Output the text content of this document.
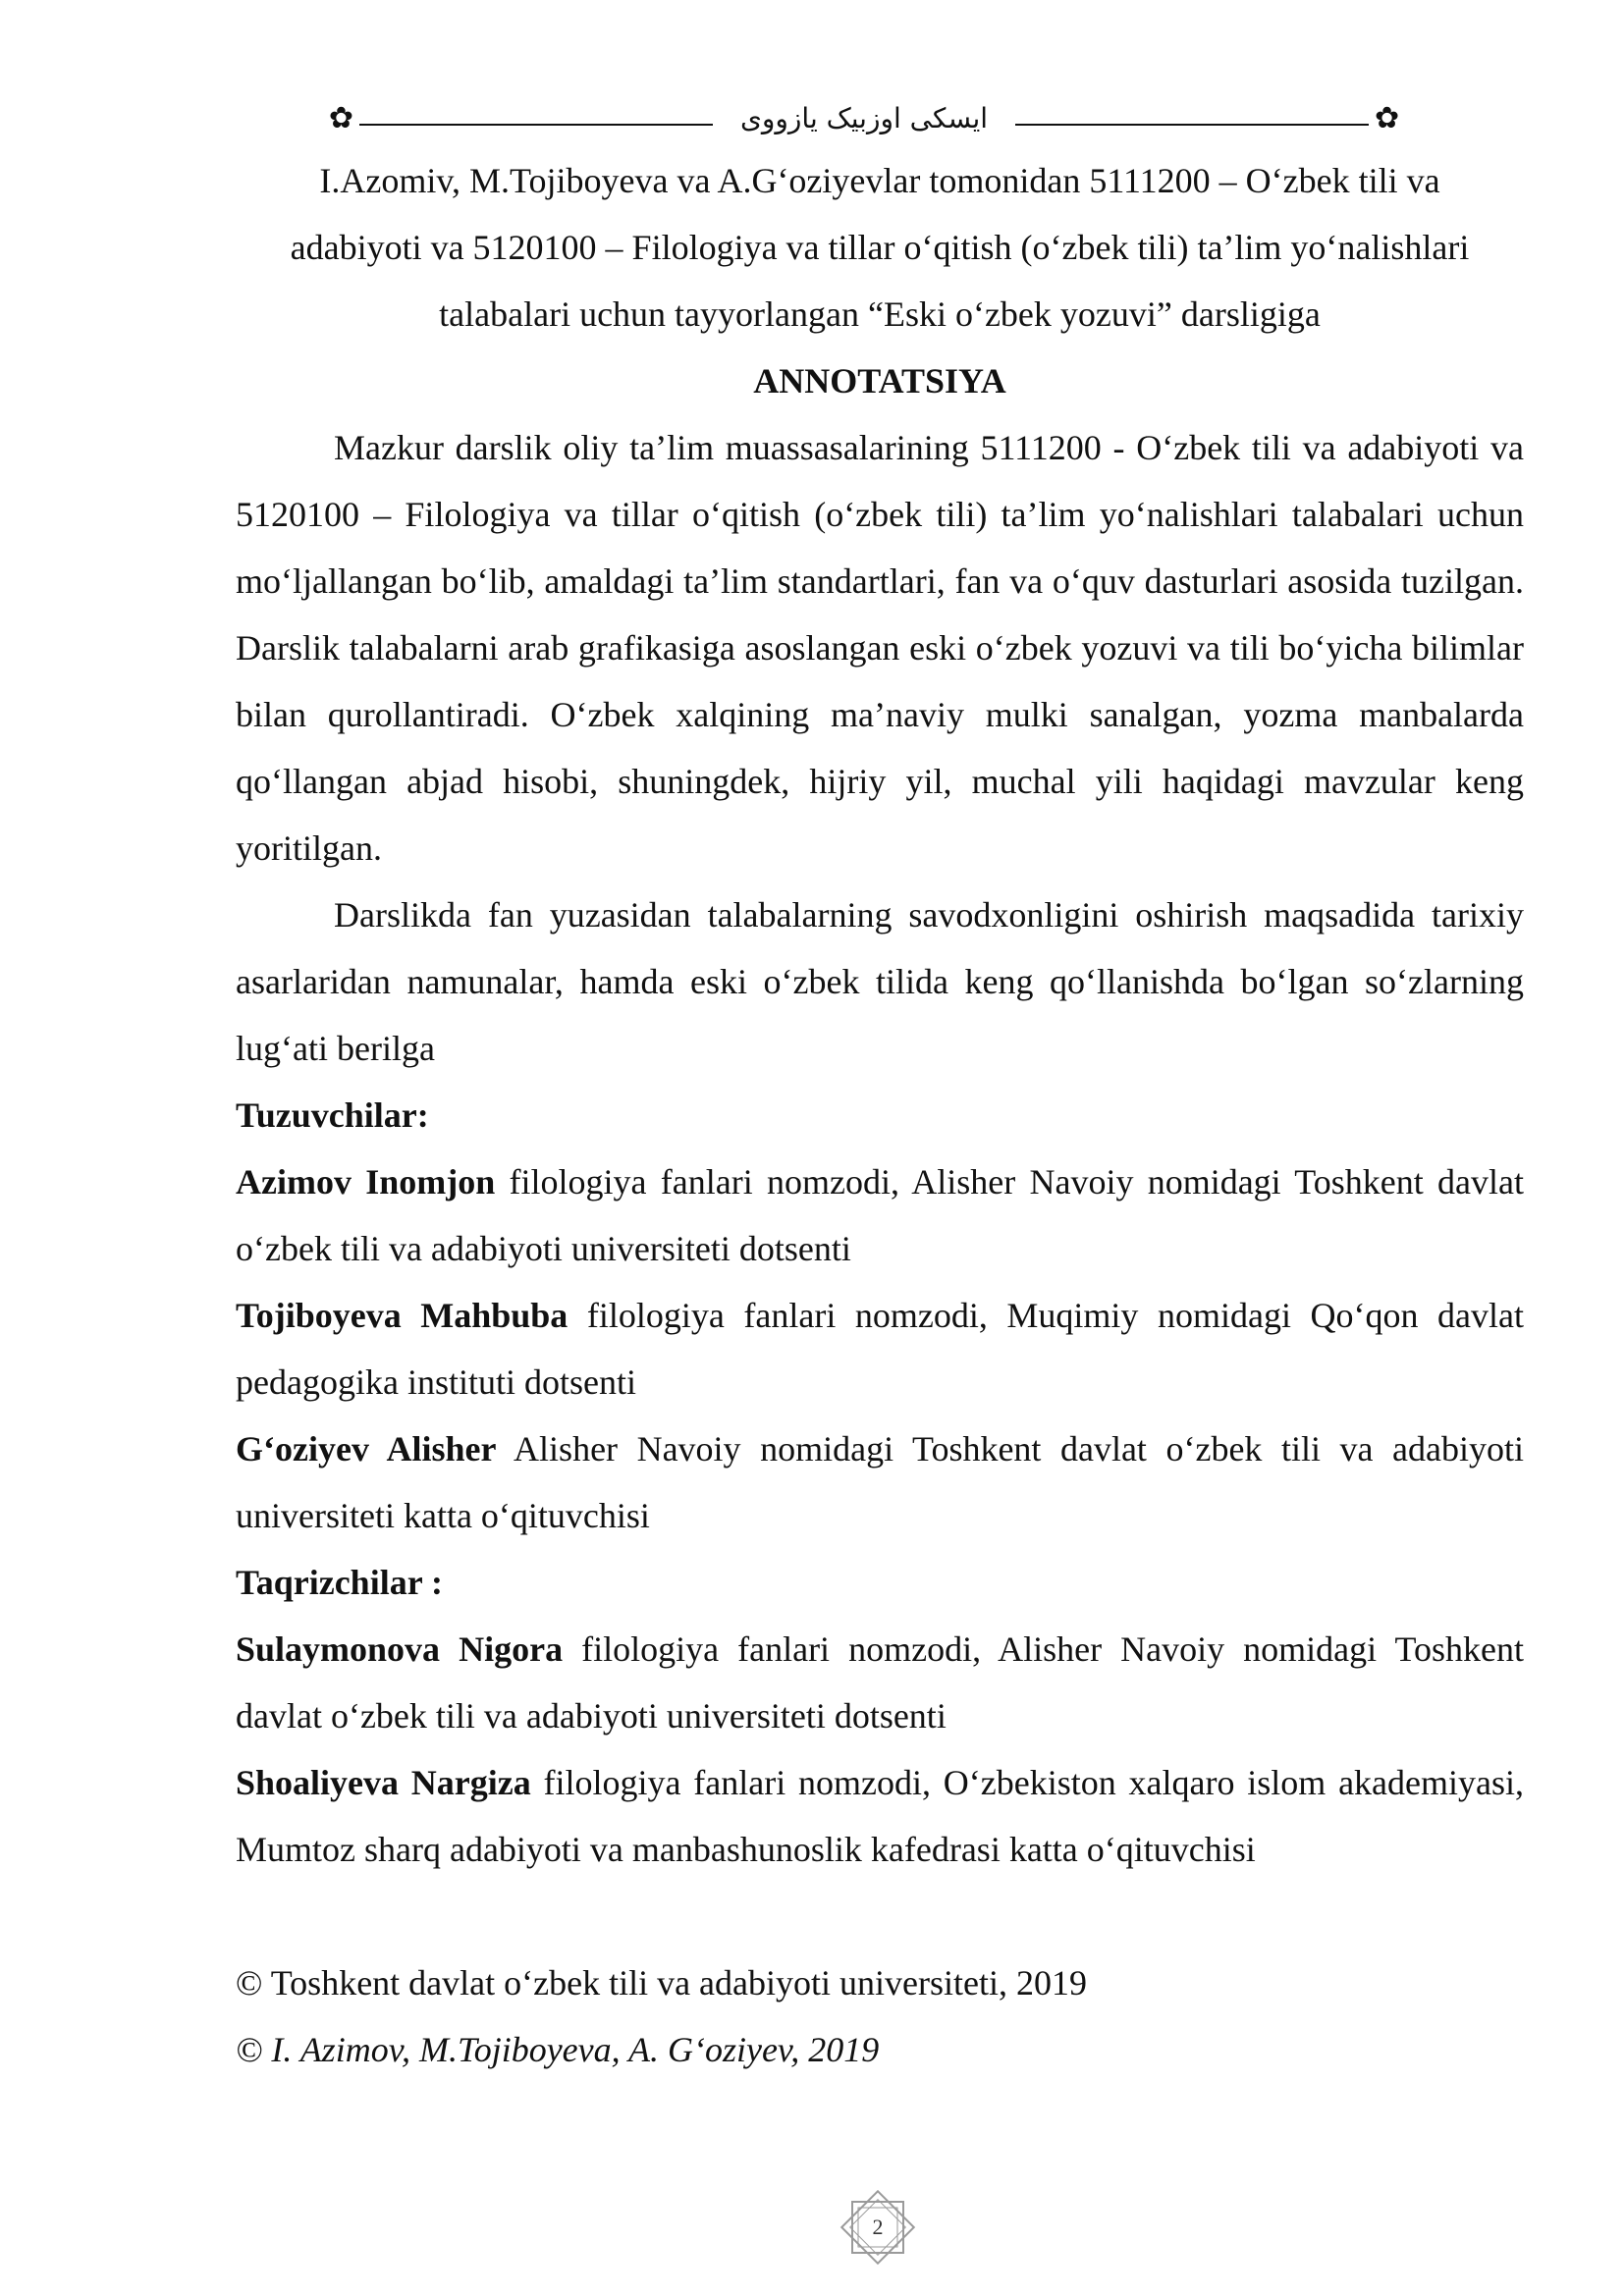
✿	ایسکی اوزبیک یازووی	✿

I.Azomiv, M.Tojiboyeva va A.G‘oziyevlar tomonidan 5111200 – O‘zbek tili va

adabiyoti va 5120100 – Filologiya va tillar o‘qitish (o‘zbek tili) ta’lim yo‘nalishlari

talabalari uchun tayyorlangan “Eski o‘zbek yozuvi” darsligiga

ANNOTATSIYA

Mazkur darslik oliy ta’lim muassasalarining 5111200 - O‘zbek tili va adabiyoti va 5120100 – Filologiya va tillar o‘qitish (o‘zbek tili) ta’lim yo‘nalishlari talabalari uchun mo‘ljallangan bo‘lib, amaldagi ta’lim standartlari, fan va o‘quv dasturlari asosida tuzilgan. Darslik talabalarni arab grafikasiga asoslangan eski o‘zbek yozuvi va tili bo‘yicha bilimlar bilan qurollantiradi. O‘zbek xalqining ma’naviy mulki sanalgan, yozma manbalarda qo‘llangan abjad hisobi, shuningdek, hijriy yil, muchal yili haqidagi mavzular keng yoritilgan.

Darslikda fan yuzasidan talabalarning savodxonligini oshirish maqsadida tarixiy asarlaridan namunalar, hamda eski o‘zbek tilida keng qo‘llanishda bo‘lgan so‘zlarning lug‘ati berilga

Tuzuvchilar:

Azimov Inomjon filologiya fanlari nomzodi, Alisher Navoiy nomidagi Toshkent davlat o‘zbek tili va adabiyoti universiteti dotsenti

Tojiboyeva Mahbuba filologiya fanlari nomzodi, Muqimiy nomidagi Qo‘qon davlat pedagogika instituti dotsenti

G‘oziyev Alisher Alisher Navoiy nomidagi Toshkent davlat o‘zbek tili va adabiyoti universiteti katta o‘qituvchisi

Taqrizchilar :

Sulaymonova Nigora filologiya fanlari nomzodi, Alisher Navoiy nomidagi Toshkent davlat o‘zbek tili va adabiyoti universiteti dotsenti

Shoaliyeva Nargiza filologiya fanlari nomzodi, O‘zbekiston xalqaro islom akademiyasi, Mumtoz sharq adabiyoti va manbashunoslik kafedrasi katta o‘qituvchisi

© Toshkent davlat o‘zbek tili va adabiyoti universiteti, 2019

© I. Azimov, M.Tojiboyeva, A. G‘oziyev, 2019

2
